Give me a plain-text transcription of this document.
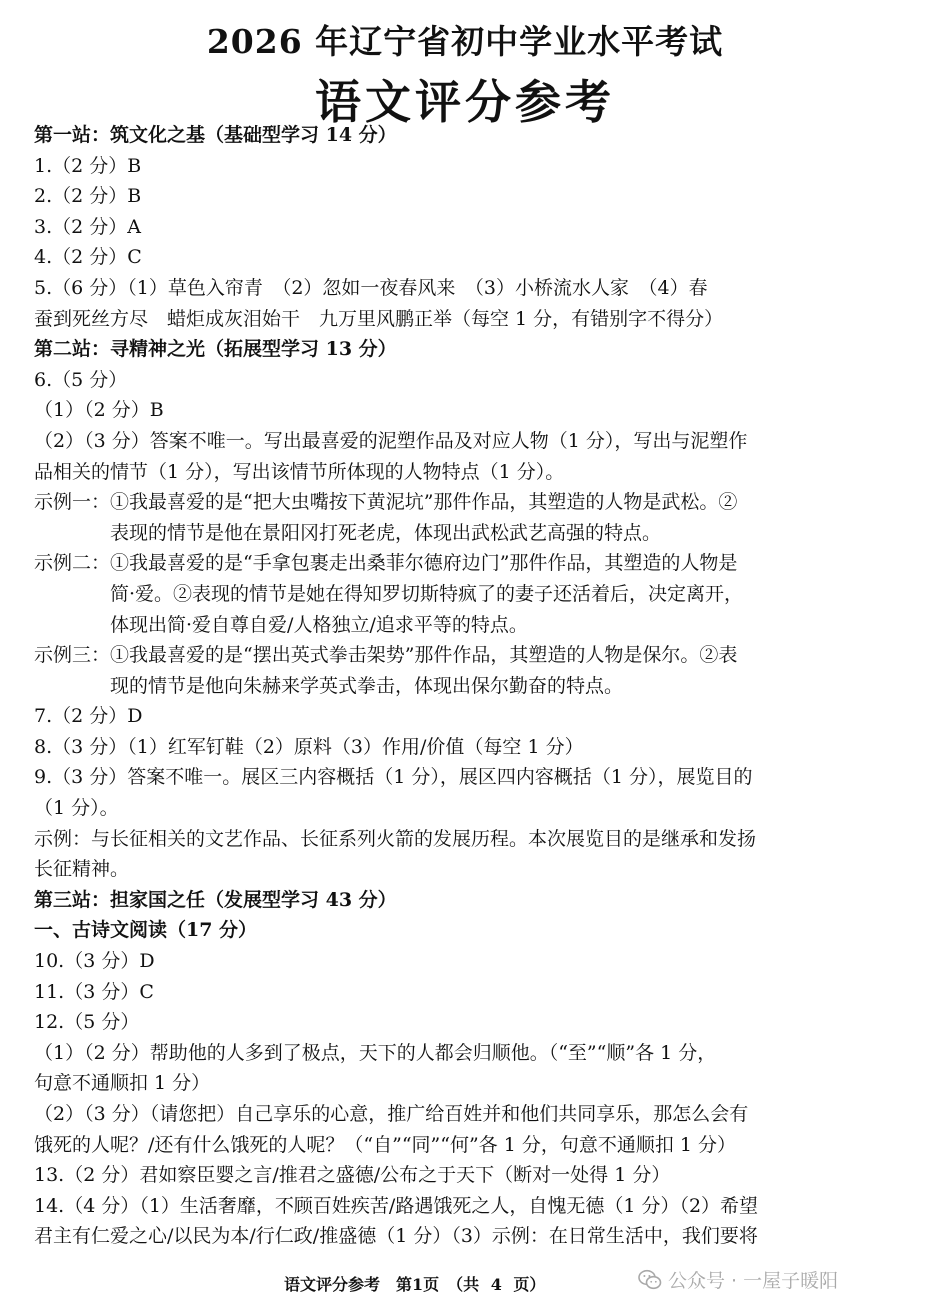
2026 年辽宁省初中学业水平考试
语文评分参考
第一站：筑文化之基（基础型学习 14 分）
1.（2 分）B
2.（2 分）B
3.（2 分）A
4.（2 分）C
5.（6 分）（1）草色入帘青　（2）忽如一夜春风来　（3）小桥流水人家　（4）春
蚕到死丝方尽　蜡炬成灰泪始干　九万里风鹏正举（每空 1 分，有错别字不得分）
第二站：寻精神之光（拓展型学习 13 分）
6.（5 分）
（1）（2 分）B
（2）（3 分）答案不唯一。写出最喜爱的泥塑作品及对应人物（1 分），写出与泥塑作
品相关的情节（1 分），写出该情节所体现的人物特点（1 分）。
示例一：①我最喜爱的是“把大虫嘴按下黄泥坑”那件作品，其塑造的人物是武松。②
表现的情节是他在景阳冈打死老虎，体现出武松武艺高强的特点。
示例二：①我最喜爱的是“手拿包裹走出桑菲尔德府边门”那件作品，其塑造的人物是
简·爱。②表现的情节是她在得知罗切斯特疯了的妻子还活着后，决定离开，
体现出简·爱自尊自爱/人格独立/追求平等的特点。
示例三：①我最喜爱的是“摆出英式拳击架势”那件作品，其塑造的人物是保尔。②表
现的情节是他向朱赫来学英式拳击，体现出保尔勤奋的特点。
7.（2 分）D
8.（3 分）（1）红军钉鞋（2）原料（3）作用/价值（每空 1 分）
9.（3 分）答案不唯一。展区三内容概括（1 分），展区四内容概括（1 分），展览目的
（1 分）。
示例：与长征相关的文艺作品、长征系列火箭的发展历程。本次展览目的是继承和发扬
长征精神。
第三站：担家国之任（发展型学习 43 分）
一、古诗文阅读（17 分）
10.（3 分）D
11.（3 分）C
12.（5 分）
（1）（2 分）帮助他的人多到了极点，天下的人都会归顺他。（“至”“顺”各 1 分，
句意不通顺扣 1 分）
（2）（3 分）（请您把）自己享乐的心意，推广给百姓并和他们共同享乐，那怎么会有
饿死的人呢？/还有什么饿死的人呢？（“自”“同”“何”各 1 分，句意不通顺扣 1 分）
13.（2 分）君如察臣婴之言/推君之盛德/公布之于天下（断对一处得 1 分）
14.（4 分）（1）生活奢靡，不顾百姓疾苦/路遇饿死之人，自愧无德（1 分）（2）希望
君主有仁爱之心/以民为本/行仁政/推盛德（1 分）（3）示例：在日常生活中，我们要将
语文评分参考　第1页　（共 4 页）	公众号 · 一屋子暖阳
